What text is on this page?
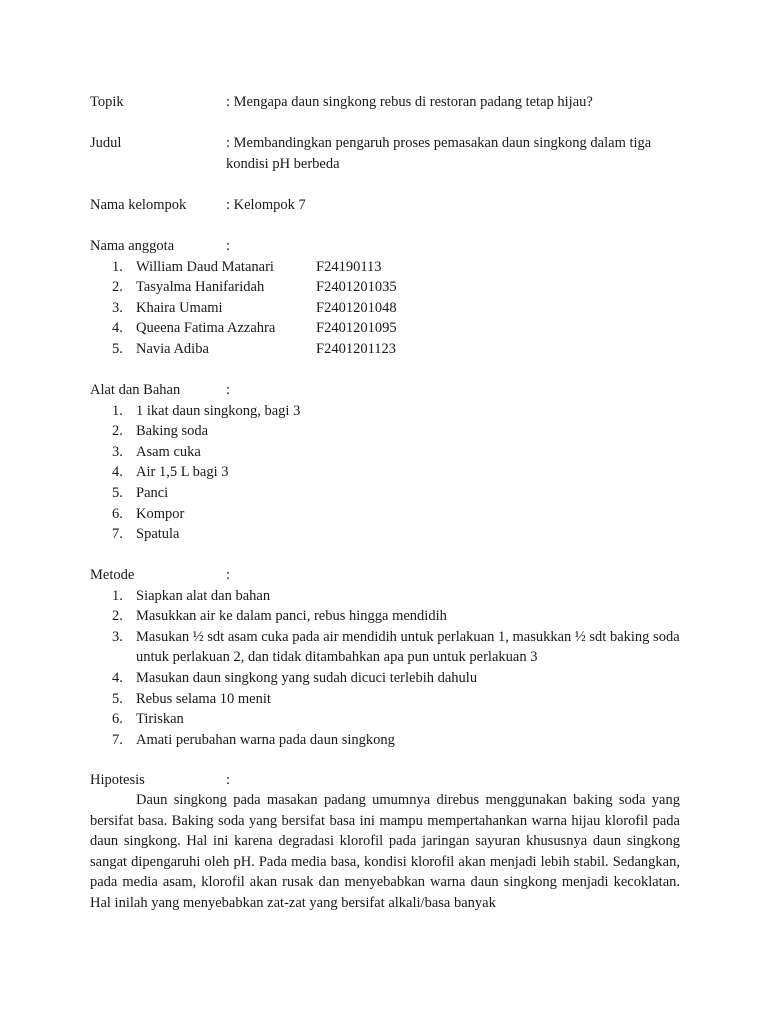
Topik	: Mengapa daun singkong rebus di restoran padang tetap hijau?
Judul	: Membandingkan pengaruh proses pemasakan daun singkong dalam tiga kondisi pH berbeda
Nama kelompok	: Kelompok 7
Nama anggota	:
1. William Daud Matanari	F24190113
2. Tasyalma Hanifaridah	F2401201035
3. Khaira Umami	F2401201048
4. Queena Fatima Azzahra	F2401201095
5. Navia Adiba	F2401201123
Alat dan Bahan	:
1. 1 ikat daun singkong, bagi 3
2. Baking soda
3. Asam cuka
4. Air 1,5 L bagi 3
5. Panci
6. Kompor
7. Spatula
Metode	:
1. Siapkan alat dan bahan
2. Masukkan air ke dalam panci, rebus hingga mendidih
3. Masukan ½ sdt asam cuka pada air mendidih untuk perlakuan 1, masukkan ½ sdt baking soda untuk perlakuan 2, dan tidak ditambahkan apa pun untuk perlakuan 3
4. Masukan daun singkong yang sudah dicuci terlebih dahulu
5. Rebus selama 10 menit
6. Tiriskan
7. Amati perubahan warna pada daun singkong
Hipotesis	:

Daun singkong pada masakan padang umumnya direbus menggunakan baking soda yang bersifat basa. Baking soda yang bersifat basa ini mampu mempertahankan warna hijau klorofil pada daun singkong. Hal ini karena degradasi klorofil pada jaringan sayuran khususnya daun singkong sangat dipengaruhi oleh pH. Pada media basa, kondisi klorofil akan menjadi lebih stabil. Sedangkan, pada media asam, klorofil akan rusak dan menyebabkan warna daun singkong menjadi kecoklatan. Hal inilah yang menyebabkan zat-zat yang bersifat alkali/basa banyak
